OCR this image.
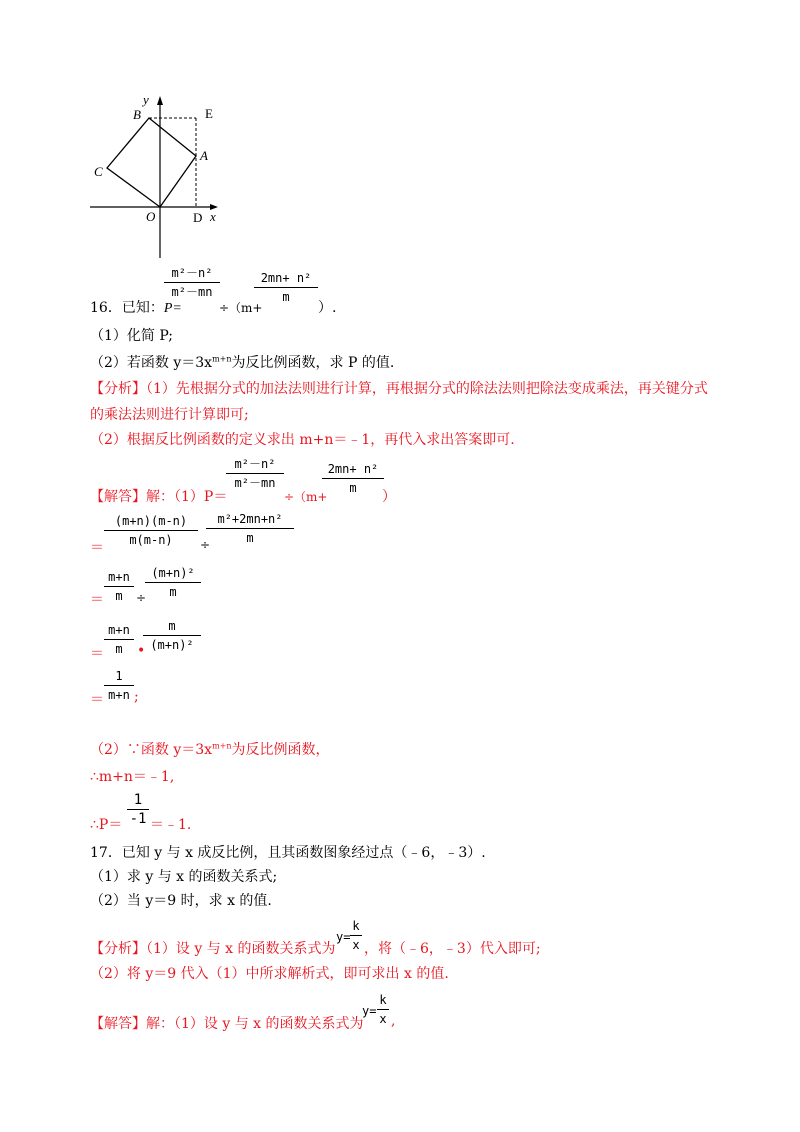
y
B	E
A
C
O	D x
m²－n²
m²－mn
2mn+ n²
m
16．已知：P=	÷（m+	）.
（1）化简 P;
（2）若函数 $y=3x^{m+n}$为反比例函数，求 P 的值.
【分析】（1）先根据分式的加法法则进行计算，再根据分式的除法法则把除法变成乘法，再关键分式
的乘法法则进行计算即可;
（2）根据反比例函数的定义求出 m+n＝﹣1，再代入求出答案即可.
m²－n²
m²－mn
2mn+ n²
m
【解答】解：（1）P＝	÷（m+	）
＝
(m+n)(m-n)
m(m-n)	÷
m²+2mn+n²
m
＝
m+n
m	÷
(m+n)²
m
＝
m+n
m	•
m
(m+n)²
＝
1
m+n ;
（2）∵函数 $y=3x^{m+n}$为反比例函数，
∴m+n＝﹣1,
∴P＝
1
-1 ＝﹣1.
17．已知 y 与 x 成反比例，且其函数图象经过点（﹣6，﹣3）.
（1）求 y 与 x 的函数关系式;
（2）当 y＝9 时，求 x 的值.
【分析】（1）设 y 与 x 的函数关系式为
y=
k
x ，将（﹣6，﹣3）代入即可;
（2）将 y＝9 代入（1）中所求解析式，即可求出 x 的值.
【解答】解：（1）设 y 与 x 的函数关系式为
y=
k
x ,
